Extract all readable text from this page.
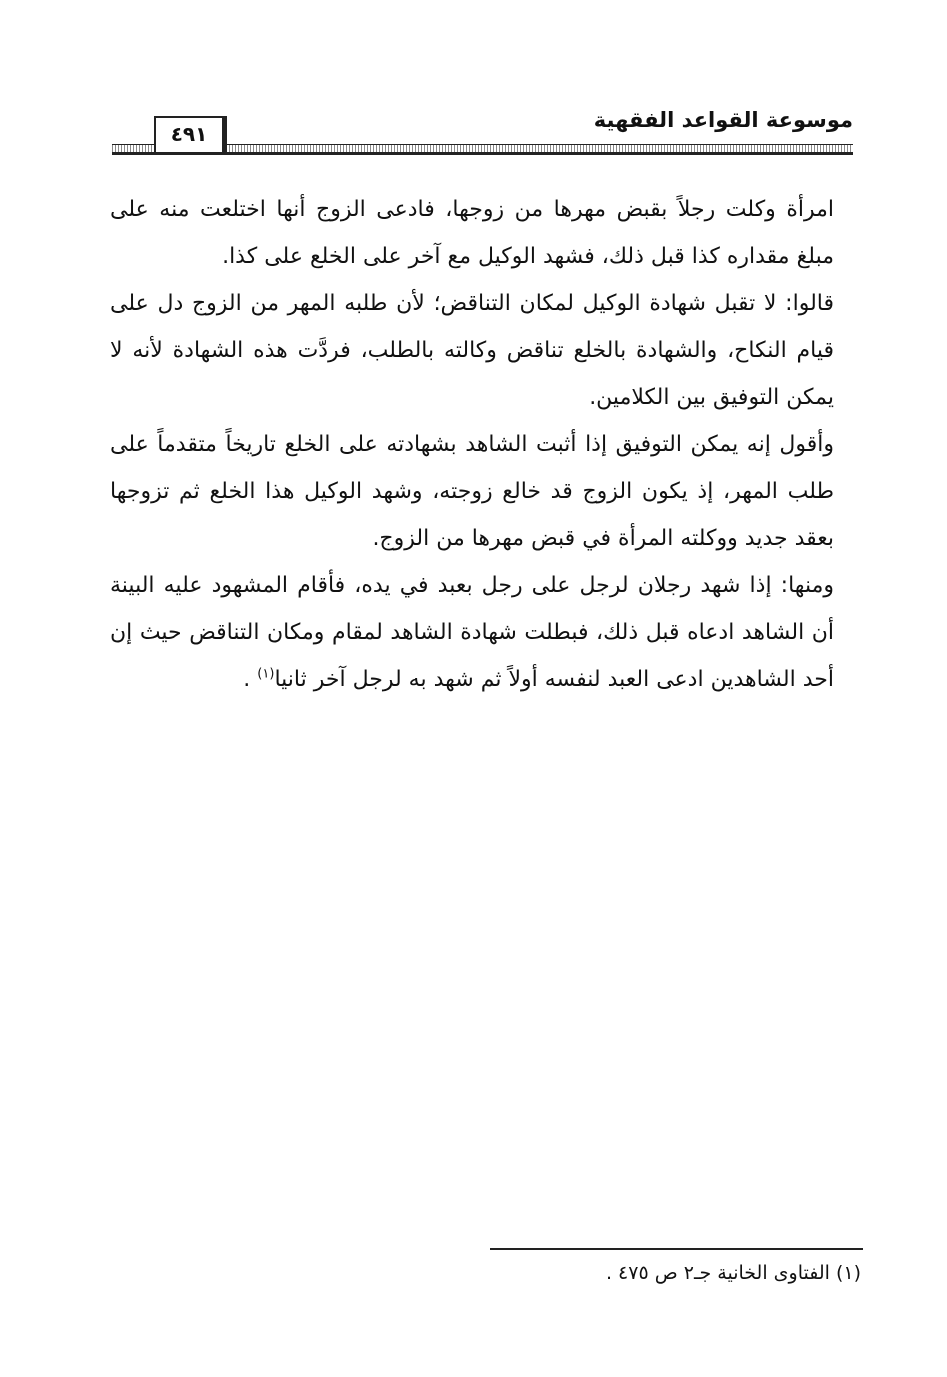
٤٩١
موسوعة القواعد الفقهية

امرأة وكلت رجلاً بقبض مهرها من زوجها، فادعى الزوج أنها اختلعت منه على مبلغ مقداره كذا قبل ذلك، فشهد الوكيل مع آخر على الخلع على كذا.

قالوا: لا تقبل شهادة الوكيل لمكان التناقض؛ لأن طلبه المهر من الزوج دل على قيام النكاح، والشهادة بالخلع تناقض وكالته بالطلب، فردَّت هذه الشهادة لأنه لا يمكن التوفيق بين الكلامين.

وأقول إنه يمكن التوفيق إذا أثبت الشاهد بشهادته على الخلع تاريخاً متقدماً على طلب المهر، إذ يكون الزوج قد خالع زوجته، وشهد الوكيل هذا الخلع ثم تزوجها بعقد جديد ووكلته المرأة في قبض مهرها من الزوج.

ومنها: إذا شهد رجلان لرجل على رجل بعبد في يده، فأقام المشهود عليه البينة أن الشاهد ادعاه قبل ذلك، فبطلت شهادة الشاهد لمقام ومكان التناقض حيث إن أحد الشاهدين ادعى العبد لنفسه أولاً ثم شهد به لرجل آخر ثانيا$^{(١)}$ .

(١) الفتاوى الخانية جـ٢ ص ٤٧٥ .
